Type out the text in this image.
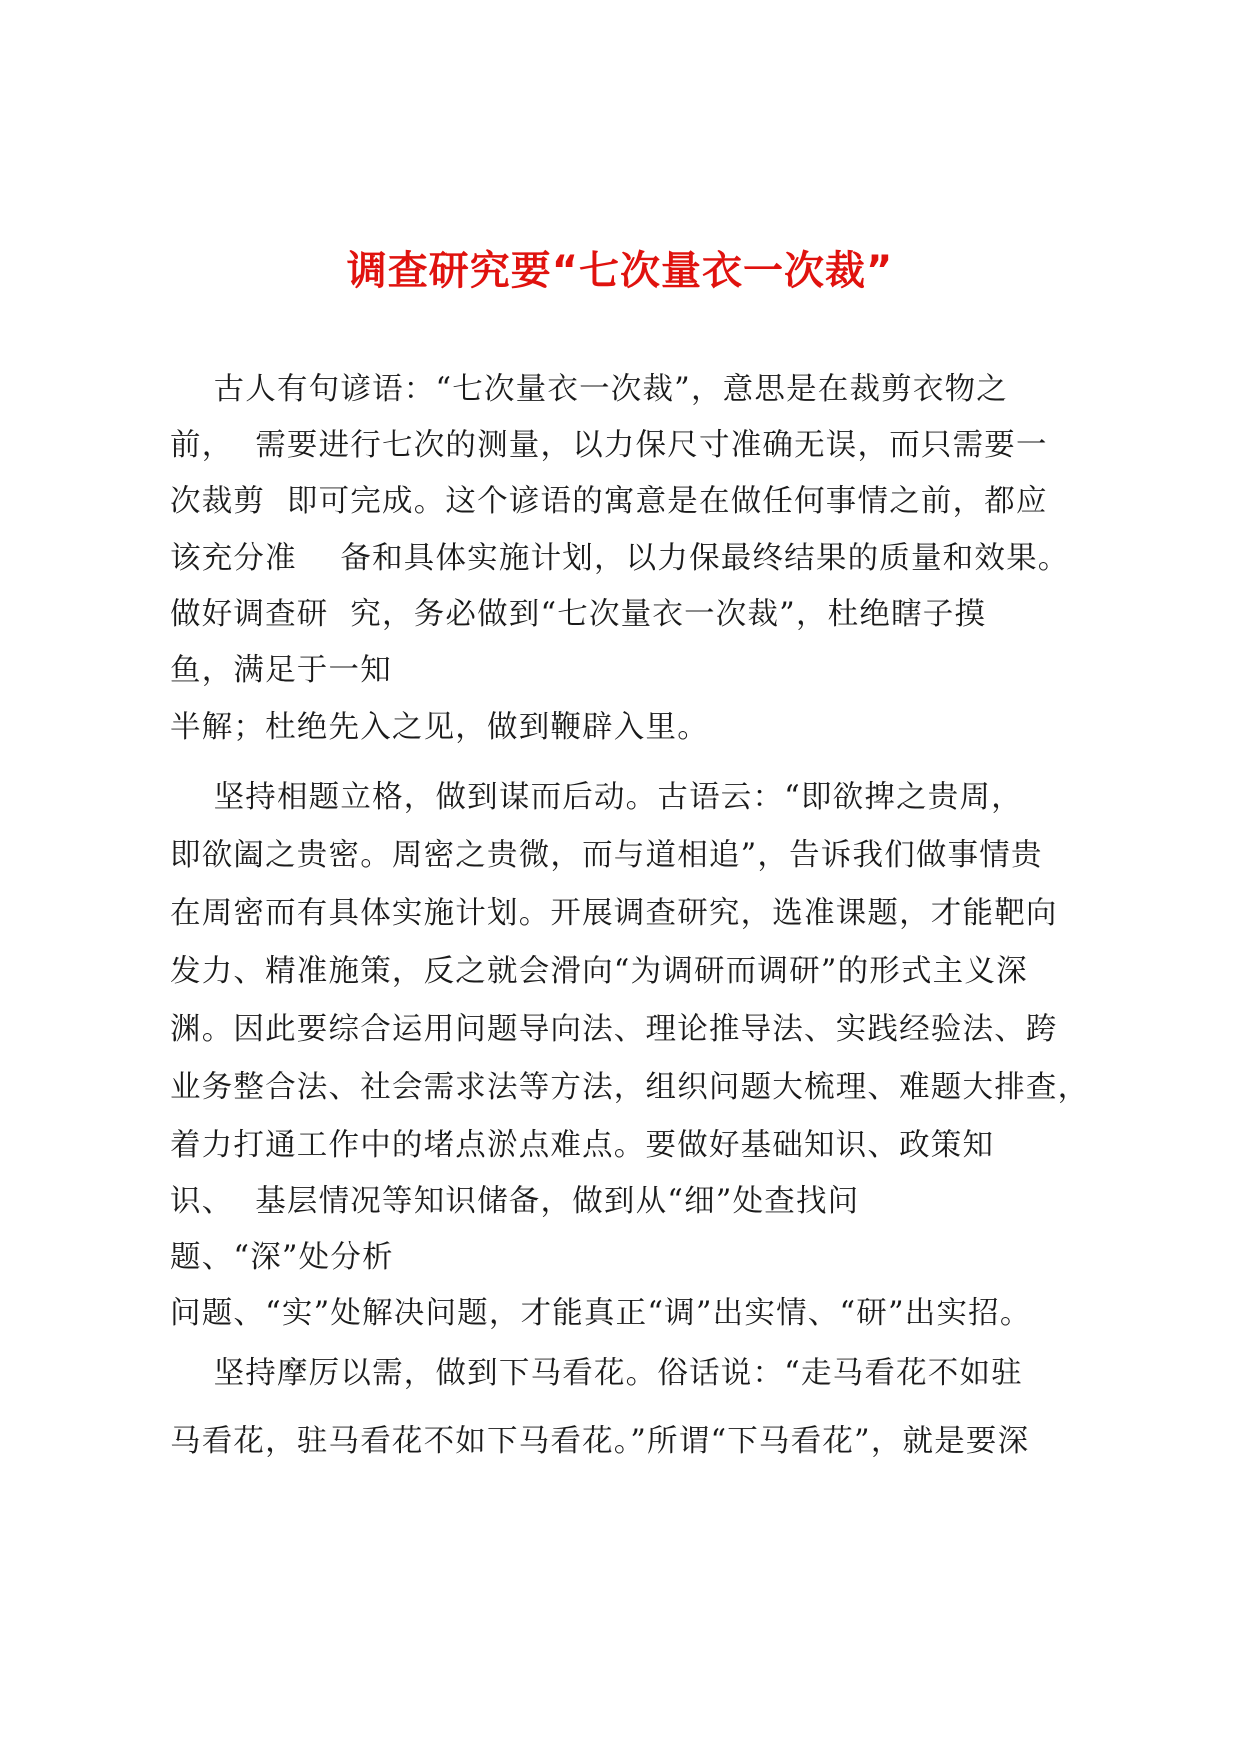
调查研究要“七次量衣一次裁”
古人有句谚语：“七次量衣一次裁”，意思是在裁剪衣物之
前，  需要进行七次的测量，以力保尺寸准确无误，而只需要一
次裁剪  即可完成。这个谚语的寓意是在做任何事情之前，都应
该充分准    备和具体实施计划，以力保最终结果的质量和效果。
做好调查研  究，务必做到“七次量衣一次裁”，杜绝瞎子摸
鱼，满足于一知
半解；杜绝先入之见，做到鞭辟入里。
坚持相题立格，做到谋而后动。古语云：“即欲捭之贵周，
即欲阖之贵密。周密之贵微，而与道相追”，告诉我们做事情贵
在周密而有具体实施计划。开展调查研究，选准课题，才能靶向
发力、精准施策，反之就会滑向“为调研而调研”的形式主义深
渊。因此要综合运用问题导向法、理论推导法、实践经验法、跨
业务整合法、社会需求法等方法，组织问题大梳理、难题大排查，
着力打通工作中的堵点淤点难点。要做好基础知识、政策知
识、  基层情况等知识储备，做到从“细”处查找问
题、“深”处分析
问题、“实”处解决问题，才能真正“调”出实情、“研”出实招。
坚持摩厉以需，做到下马看花。俗话说：“走马看花不如驻
马看花，驻马看花不如下马看花。”所谓“下马看花”，就是要深
